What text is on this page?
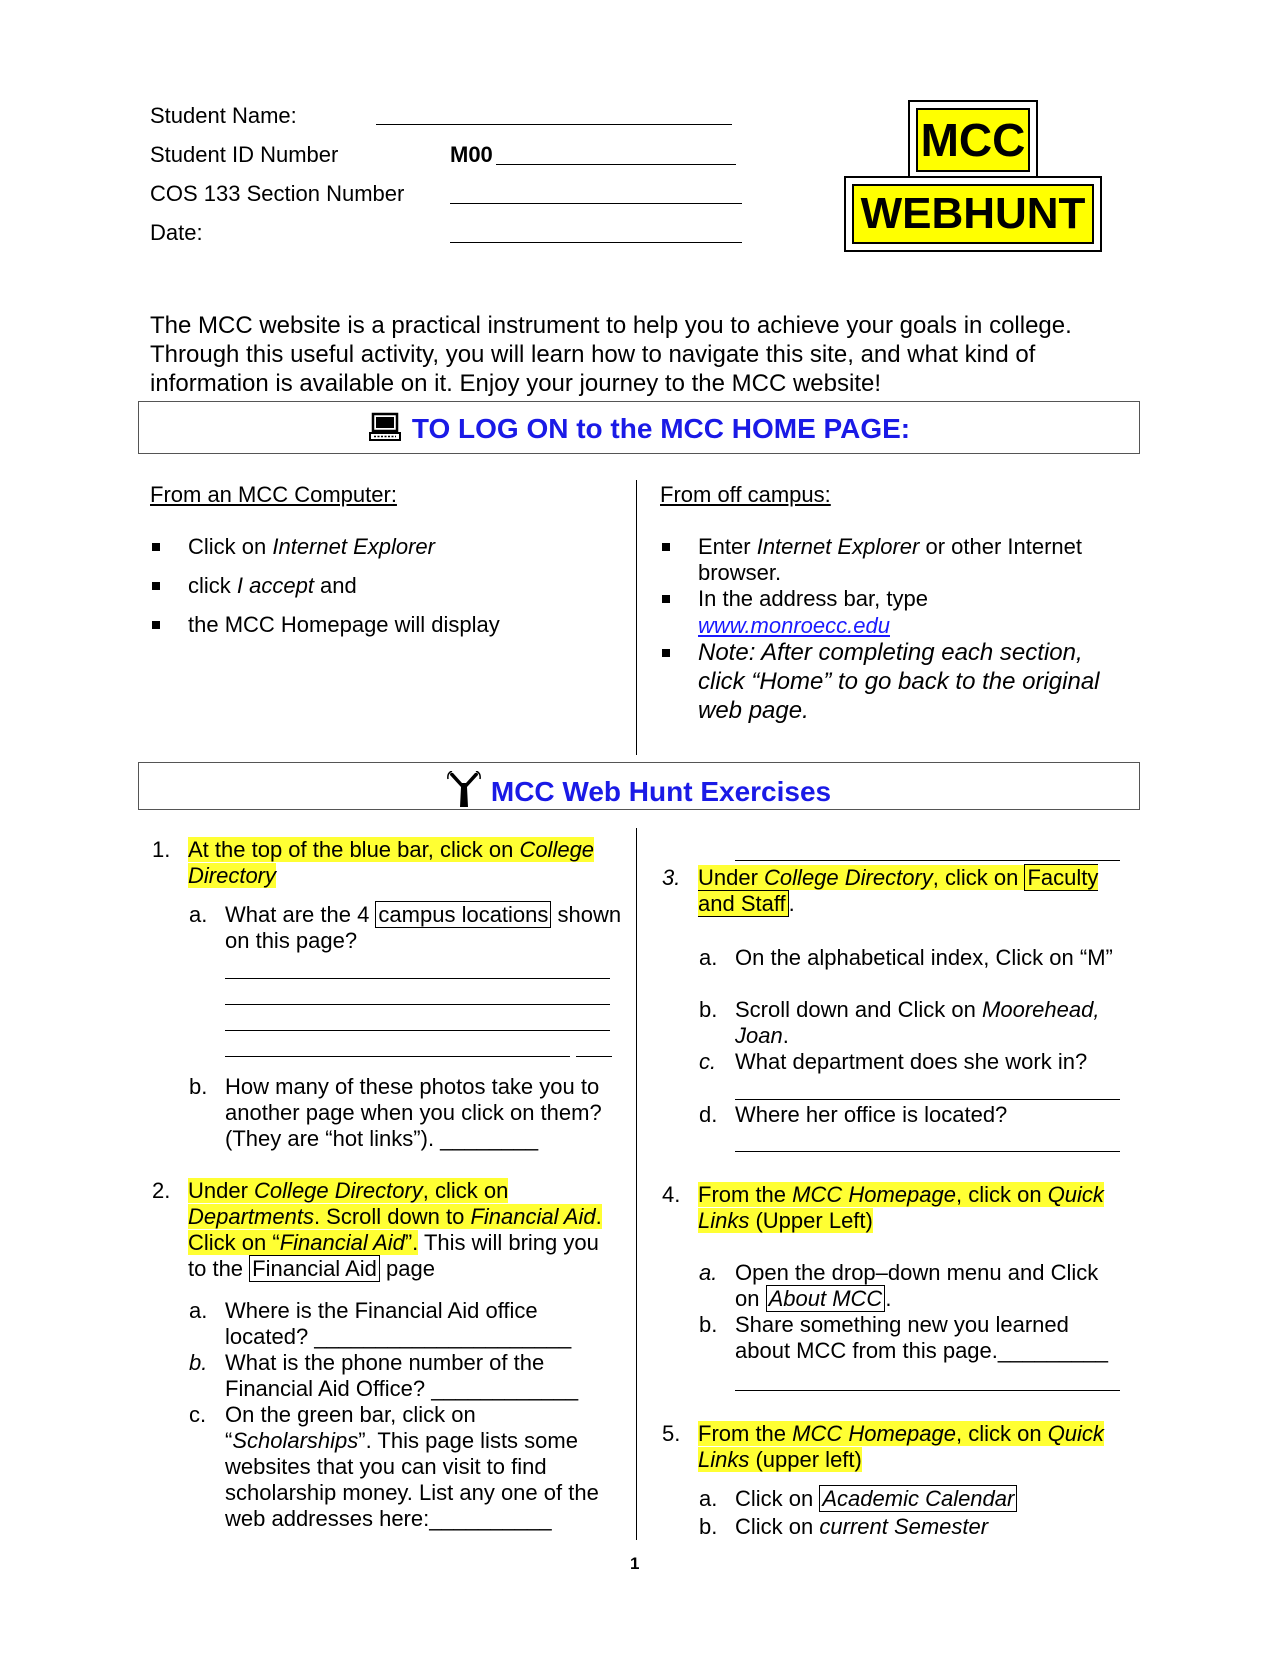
Student Name:
Student ID Number	M00
COS 133 Section Number
Date:
MCC
WEBHUNT
The MCC website is a practical instrument to help you to achieve your goals in college. Through this useful activity, you will learn how to navigate this site, and what kind of information is available on it. Enjoy your journey to the MCC website!
TO LOG ON to the MCC HOME PAGE:
From an MCC Computer:
Click on Internet Explorer
click I accept and
the MCC Homepage will display
From off campus:
Enter Internet Explorer or other Internet browser.
In the address bar, type
www.monroecc.edu
Note: After completing each section, click “Home” to go back to the original web page.
MCC Web Hunt Exercises
1. At the top of the blue bar, click on College Directory
a. What are the 4 campus locations shown on this page?
b. How many of these photos take you to another page when you click on them? (They are “hot links”). ________
2. Under College Directory, click on Departments. Scroll down to Financial Aid. Click on “Financial Aid”. This will bring you to the Financial Aid page
a. Where is the Financial Aid office located? _____________________
b. What is the phone number of the Financial Aid Office? ____________
c. On the green bar, click on “Scholarships”. This page lists some websites that you can visit to find scholarship money. List any one of the web addresses here:__________
3. Under College Directory, click on Faculty and Staff .
a. On the alphabetical index, Click on “M”
b. Scroll down and Click on Moorehead, Joan.
c. What department does she work in?
d. Where her office is located?
4. From the MCC Homepage, click on Quick Links (Upper Left)
a. Open the drop–down menu and Click on About MCC .
b. Share something new you learned about MCC from this page._________
5. From the MCC Homepage, click on Quick Links (upper left)
a. Click on Academic Calendar
b. Click on current Semester
1
